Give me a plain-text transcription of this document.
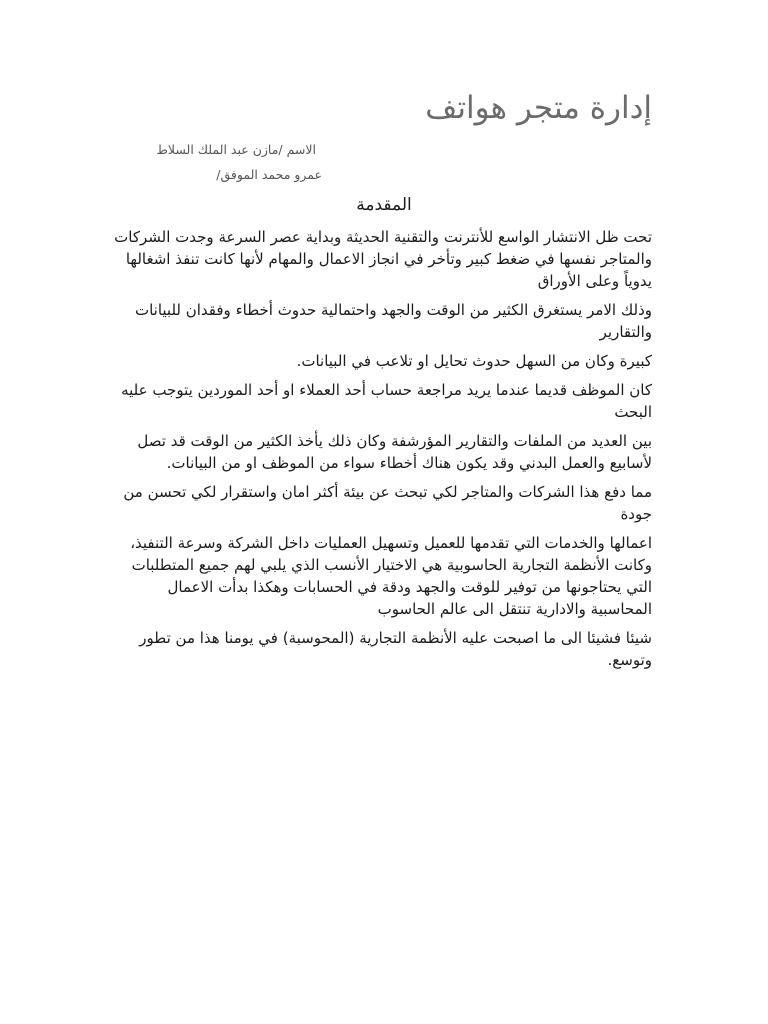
إدارة متجر هواتف
الاسم /مازن عبد الملك السلاط
عمرو محمد الموفق/
المقدمة

تحت ظل الانتشار الواسع للأنترنت والتقنية الحديثة وبداية عصر السرعة وجدت الشركات والمتاجر نفسها في ضغط كبير وتأخر في انجاز الاعمال والمهام لأنها كانت تنفذ اشغالها يدوياً وعلى الأوراق

وذلك الامر يستغرق الكثير من الوقت والجهد واحتمالية حدوث أخطاء وفقدان للبيانات والتقارير

كبيرة وكان من السهل حدوث تحايل او تلاعب في البيانات.

كان الموظف قديما عندما يريد مراجعة حساب أحد العملاء او أحد الموردين يتوجب عليه البحث

بين العديد من الملفات والتقارير المؤرشفة وكان ذلك يأخذ الكثير من الوقت قد تصل لأسابيع والعمل البدني وقد يكون هناك أخطاء سواء من الموظف او من البيانات.

مما دفع هذا الشركات والمتاجر لكي تبحث عن بيئة أكثر امان واستقرار لكي تحسن من جودة

اعمالها والخدمات التي تقدمها للعميل وتسهيل العمليات داخل الشركة وسرعة التنفيذ،
وكانت الأنظمة التجارية الحاسوبية هي الاختيار الأنسب الذي يلبي لهم جميع المتطلبات التي يحتاجونها من توفير للوقت والجهد ودقة في الحسابات وهكذا بدأت الاعمال المحاسبية والادارية تنتقل الى عالم الحاسوب

شيئا فشيئا الى ما اصبحت عليه الأنظمة التجارية (المحوسبة) في يومنا هذا من تطور وتوسع.
